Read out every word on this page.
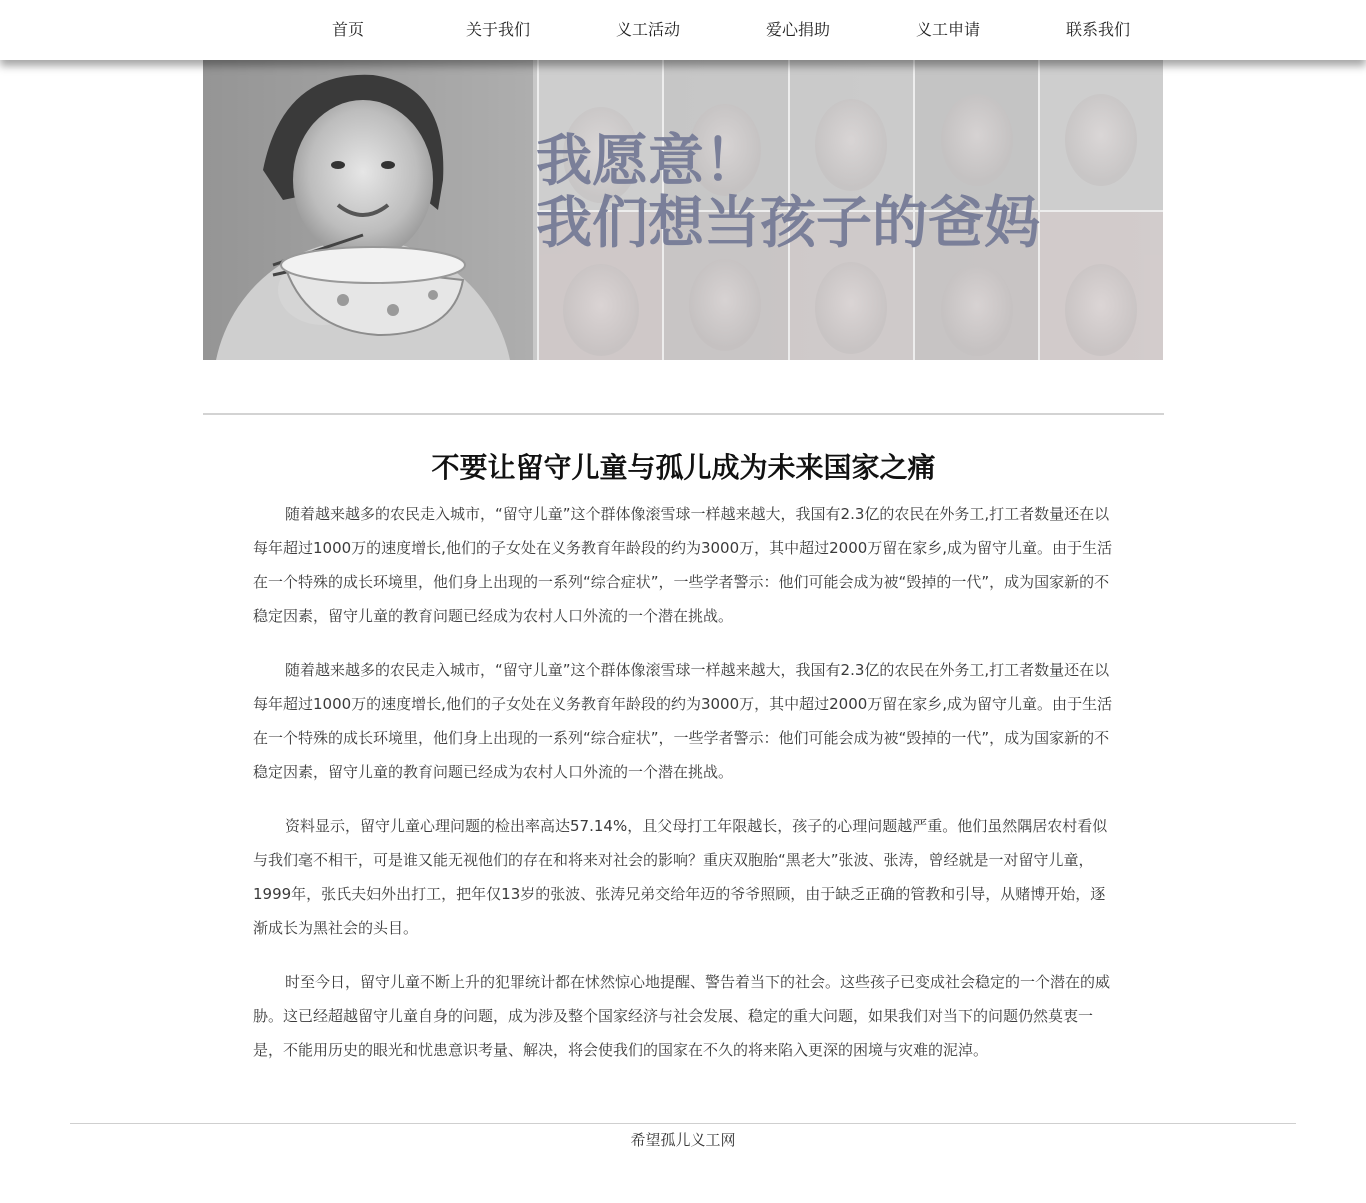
首页	关于我们	义工活动	爱心捐助	义工申请	联系我们
我愿意！
我们想当孩子的爸妈
不要让留守儿童与孤儿成为未来国家之痛

随着越来越多的农民走入城市，“留守儿童”这个群体像滚雪球一样越来越大，我国有2.3亿的农民在外务工,打工者数量还在以每年超过1000万的速度增长,他们的子女处在义务教育年龄段的约为3000万，其中超过2000万留在家乡,成为留守儿童。由于生活在一个特殊的成长环境里，他们身上出现的一系列“综合症状”，一些学者警示：他们可能会成为被“毁掉的一代”，成为国家新的不稳定因素，留守儿童的教育问题已经成为农村人口外流的一个潜在挑战。

随着越来越多的农民走入城市，“留守儿童”这个群体像滚雪球一样越来越大，我国有2.3亿的农民在外务工,打工者数量还在以每年超过1000万的速度增长,他们的子女处在义务教育年龄段的约为3000万，其中超过2000万留在家乡,成为留守儿童。由于生活在一个特殊的成长环境里，他们身上出现的一系列“综合症状”，一些学者警示：他们可能会成为被“毁掉的一代”，成为国家新的不稳定因素，留守儿童的教育问题已经成为农村人口外流的一个潜在挑战。

资料显示，留守儿童心理问题的检出率高达57.14%，且父母打工年限越长，孩子的心理问题越严重。他们虽然隅居农村看似与我们毫不相干，可是谁又能无视他们的存在和将来对社会的影响？重庆双胞胎“黑老大”张波、张涛，曾经就是一对留守儿童，1999年，张氏夫妇外出打工，把年仅13岁的张波、张涛兄弟交给年迈的爷爷照顾，由于缺乏正确的管教和引导，从赌博开始，逐渐成长为黑社会的头目。

时至今日，留守儿童不断上升的犯罪统计都在怵然惊心地提醒、警告着当下的社会。这些孩子已变成社会稳定的一个潜在的威胁。这已经超越留守儿童自身的问题，成为涉及整个国家经济与社会发展、稳定的重大问题，如果我们对当下的问题仍然莫衷一是，不能用历史的眼光和忧患意识考量、解决，将会使我们的国家在不久的将来陷入更深的困境与灾难的泥淖。

希望孤儿义工网
